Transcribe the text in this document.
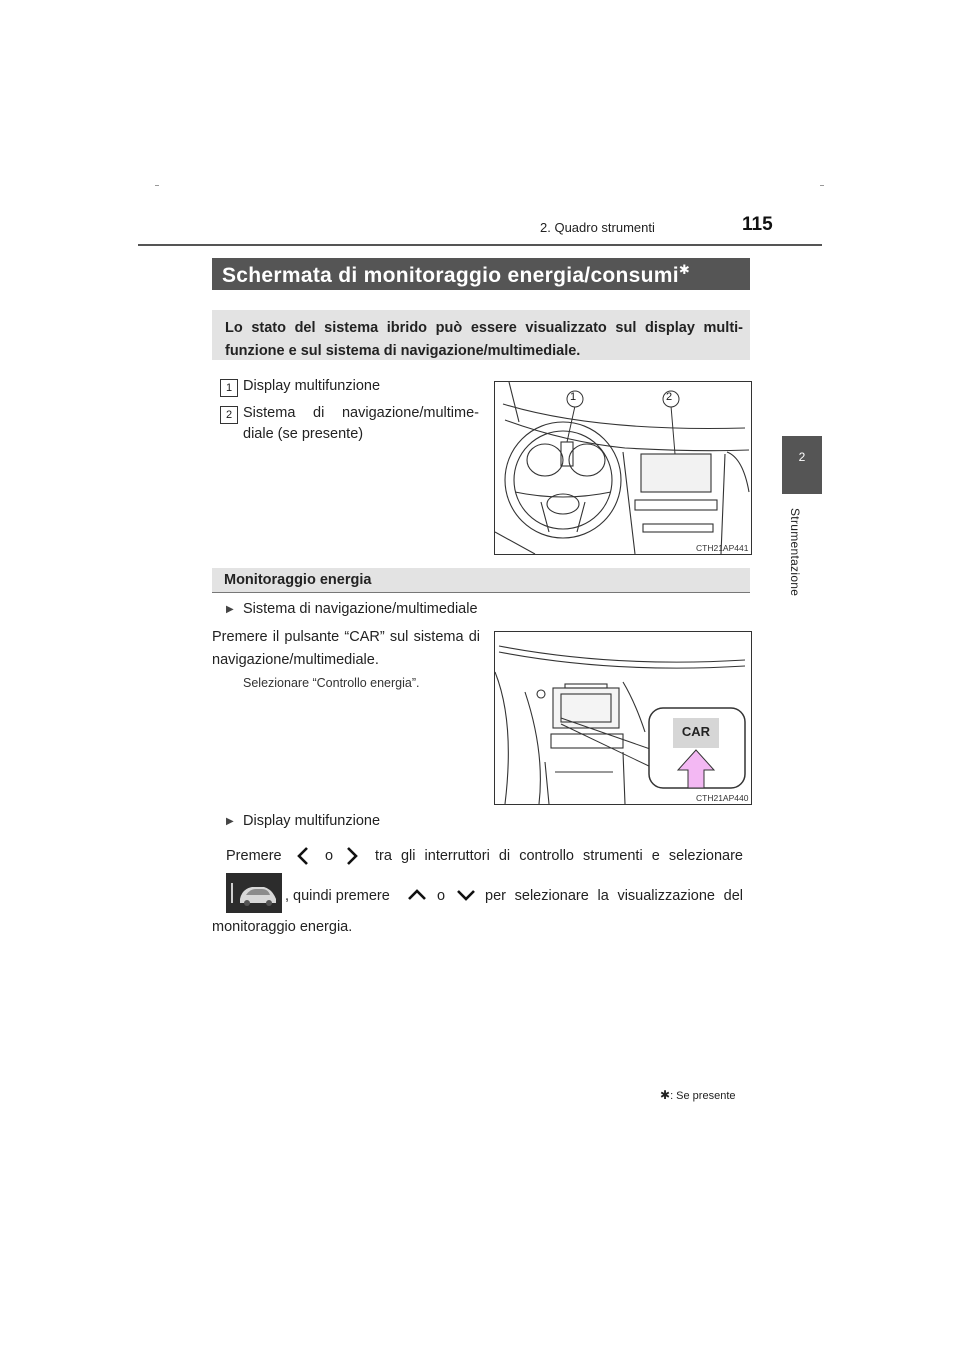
2. Quadro strumenti	115
2
Strumentazione
Schermata di monitoraggio energia/consumi✱
Lo stato del sistema ibrido può essere visualizzato sul display multi-funzione e sul sistema di navigazione/multimediale.
1 Display multifunzione
2 Sistema di navigazione/multime-diale (se presente)
1	2
CTH21AP441
Monitoraggio energia
▶ Sistema di navigazione/multimediale
Premere il pulsante “CAR” sul sistema di navigazione/multimediale.
Selezionare “Controllo energia”.
CAR
CTH21AP440
▶ Display multifunzione
Premere	o	tra gli interruttori di controllo strumenti e selezionare
, quindi premere	o	per selezionare la visualizzazione del
monitoraggio energia.
✱: Se presente
